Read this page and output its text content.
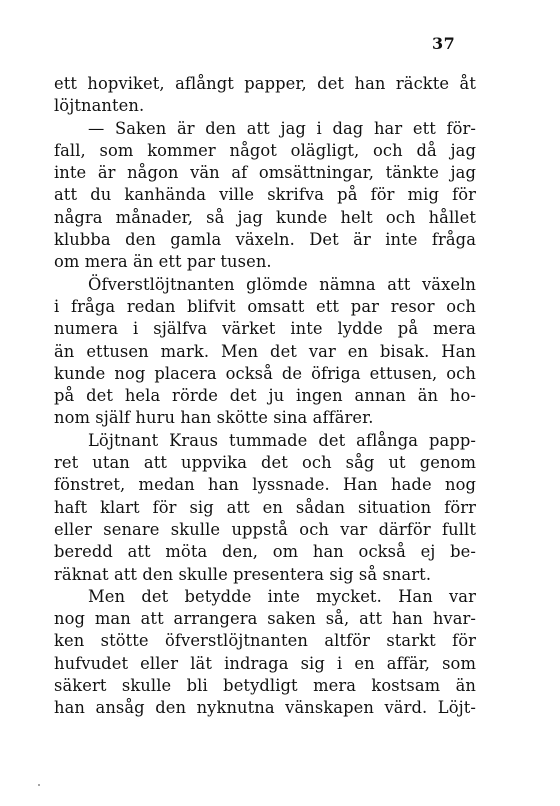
37
ett hopviket, aflångt papper, det han räckte åt
löjtnanten.
— Saken är den att jag i dag har ett för-
fall, som kommer något olägligt, och då jag
inte är någon vän af omsättningar, tänkte jag
att du kanhända ville skrifva på för mig för
några månader, så jag kunde helt och hållet
klubba den gamla växeln. Det är inte fråga
om mera än ett par tusen.
Öfverstlöjtnanten glömde nämna att växeln
i fråga redan blifvit omsatt ett par resor och
numera i själfva värket inte lydde på mera
än ettusen mark. Men det var en bisak. Han
kunde nog placera också de öfriga ettusen, och
på det hela rörde det ju ingen annan än ho-
nom själf huru han skötte sina affärer.
Löjtnant Kraus tummade det aflånga papp-
ret utan att uppvika det och såg ut genom
fönstret, medan han lyssnade. Han hade nog
haft klart för sig att en sådan situation förr
eller senare skulle uppstå och var därför fullt
beredd att möta den, om han också ej be-
räknat att den skulle presentera sig så snart.
Men det betydde inte mycket. Han var
nog man att arrangera saken så, att han hvar-
ken stötte öfverstlöjtnanten altför starkt för
hufvudet eller lät indraga sig i en affär, som
säkert skulle bli betydligt mera kostsam än
han ansåg den nyknutna vänskapen värd. Löjt-
